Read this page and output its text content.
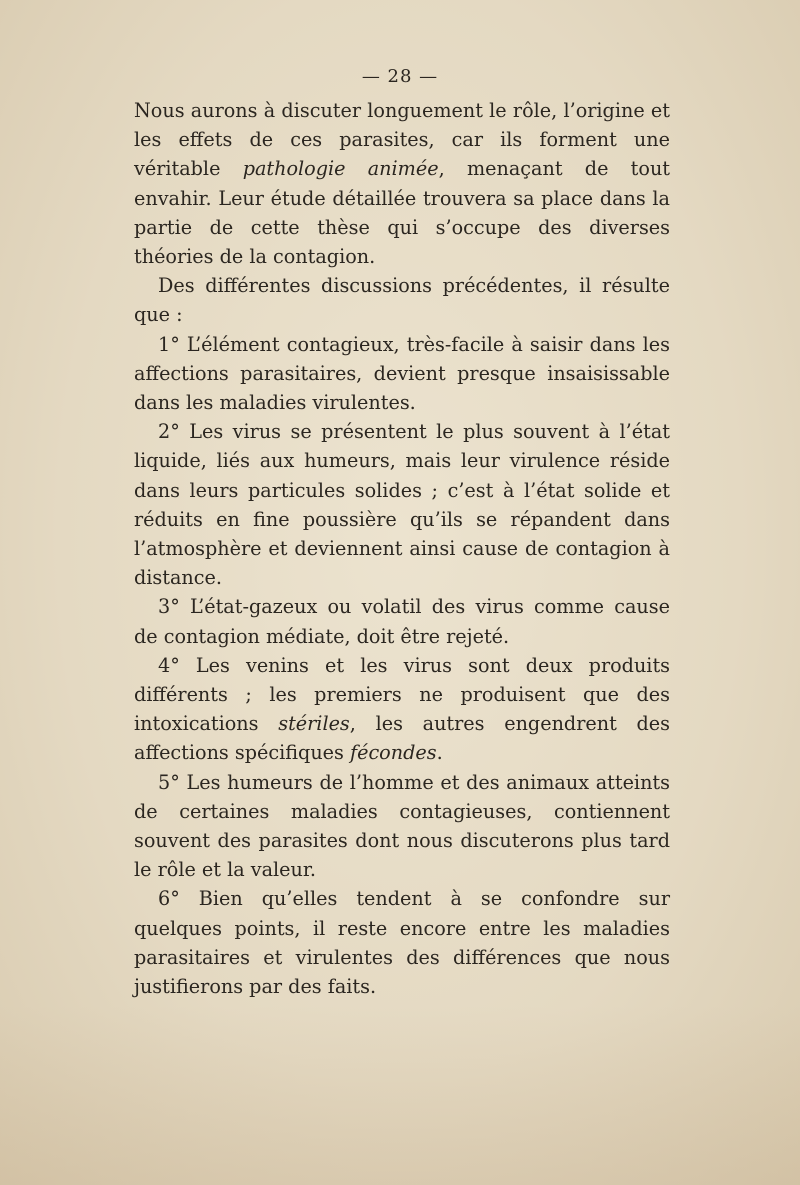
— 28 —

Nous aurons à discuter longuement le rôle, l’origine et les effets de ces parasites, car ils forment une véritable pathologie animée, menaçant de tout envahir. Leur étude détaillée trouvera sa place dans la partie de cette thèse qui s’occupe des diverses théories de la contagion.

Des différentes discussions précédentes, il résulte que :

1° L’élément contagieux, très-facile à saisir dans les affections parasitaires, devient presque insaisissable dans les maladies virulentes.

2° Les virus se présentent le plus souvent à l’état liquide, liés aux humeurs, mais leur virulence réside dans leurs particules solides ; c’est à l’état solide et réduits en fine poussière qu’ils se répandent dans l’atmosphère et deviennent ainsi cause de contagion à distance.

3° L’état-gazeux ou volatil des virus comme cause de contagion médiate, doit être rejeté.

4° Les venins et les virus sont deux produits différents ; les premiers ne produisent que des intoxications stériles, les autres engendrent des affections spécifiques fécondes.

5° Les humeurs de l’homme et des animaux atteints de certaines maladies contagieuses, contiennent souvent des parasites dont nous discuterons plus tard le rôle et la valeur.

6° Bien qu’elles tendent à se confondre sur quelques points, il reste encore entre les maladies parasitaires et virulentes des différences que nous justifierons par des faits.
